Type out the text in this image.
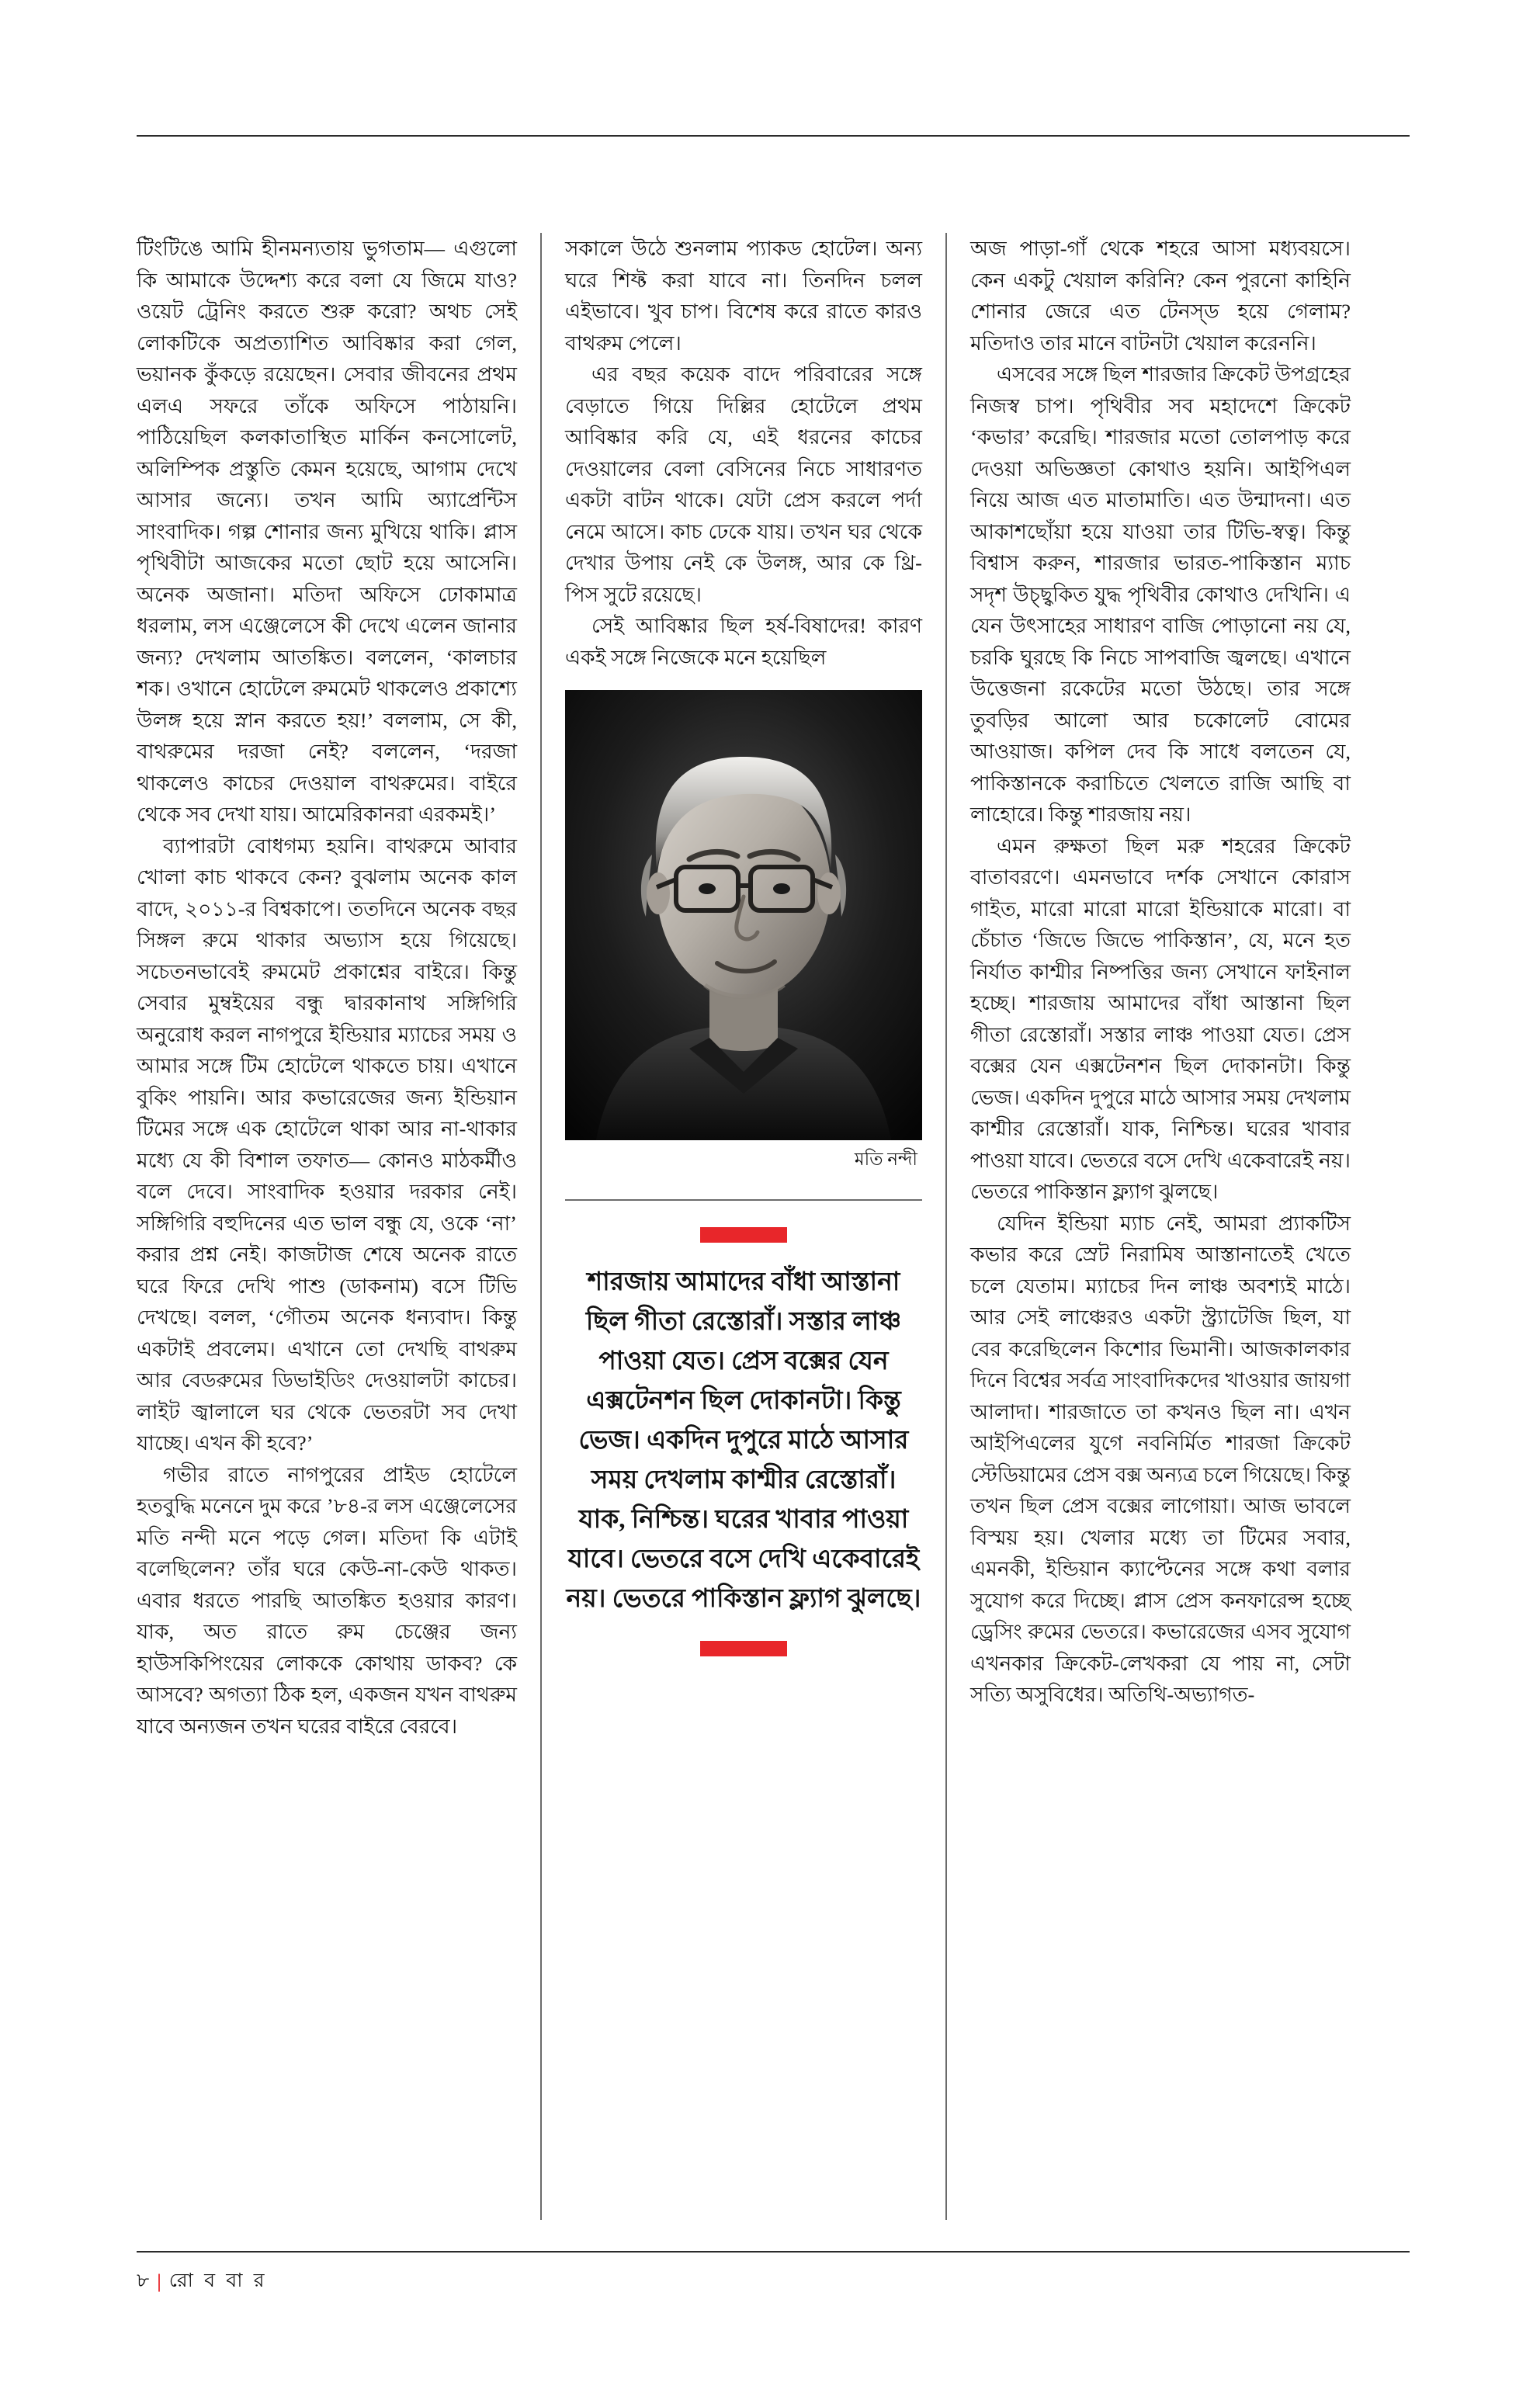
টিংটিঙে আমি হীনমন্যতায় ভুগতাম— এগুলো কি আমাকে উদ্দেশ্য করে বলা যে জিমে যাও? ওয়েট ট্রেনিং করতে শুরু করো? অথচ সেই লোকটিকে অপ্রত্যাশিত আবিষ্কার করা গেল, ভয়ানক কুঁকড়ে রয়েছেন। সেবার জীবনের প্রথম এলএ সফরে তাঁকে অফিসে পাঠায়নি। পাঠিয়েছিল কলকাতাস্থিত মার্কিন কনসোলেট, অলিম্পিক প্রস্তুতি কেমন হয়েছে, আগাম দেখে আসার জন্যে। তখন আমি অ্যাপ্রেন্টিস সাংবাদিক। গল্প শোনার জন্য মুখিয়ে থাকি। প্লাস পৃথিবীটা আজকের মতো ছোট হয়ে আসেনি। অনেক অজানা। মতিদা অফিসে ঢোকামাত্র ধরলাম, লস এঞ্জেলেসে কী দেখে এলেন জানার জন্য? দেখলাম আতঙ্কিত। বললেন, ‘কালচার শক। ওখানে হোটেলে রুমমেট থাকলেও প্রকাশ্যে উলঙ্গ হয়ে স্নান করতে হয়!’ বললাম, সে কী, বাথরুমের দরজা নেই? বললেন, ‘দরজা থাকলেও কাচের দেওয়াল বাথরুমের। বাইরে থেকে সব দেখা যায়। আমেরিকানরা এরকমই।’

ব্যাপারটা বোধগম্য হয়নি। বাথরুমে আবার খোলা কাচ থাকবে কেন? বুঝলাম অনেক কাল বাদে, ২০১১-র বিশ্বকাপে। ততদিনে অনেক বছর সিঙ্গল রুমে থাকার অভ্যাস হয়ে গিয়েছে। সচেতনভাবেই রুমমেট প্রকাশ্নের বাইরে। কিন্তু সেবার মুম্বইয়ের বন্ধু দ্বারকানাথ সঙ্গিগিরি অনুরোধ করল নাগপুরে ইন্ডিয়ার ম্যাচের সময় ও আমার সঙ্গে টিম হোটেলে থাকতে চায়। এখানে বুকিং পায়নি। আর কভারেজের জন্য ইন্ডিয়ান টিমের সঙ্গে এক হোটেলে থাকা আর না-থাকার মধ্যে যে কী বিশাল তফাত— কোনও মাঠকর্মীও বলে দেবে। সাংবাদিক হওয়ার দরকার নেই। সঙ্গিগিরি বহুদিনের এত ভাল বন্ধু যে, ওকে ‘না’ করার প্রশ্ন নেই। কাজটাজ শেষে অনেক রাতে ঘরে ফিরে দেখি পাশু (ডাকনাম) বসে টিভি দেখছে। বলল, ‘গৌতম অনেক ধন্যবাদ। কিন্তু একটাই প্রবলেম। এখানে তো দেখছি বাথরুম আর বেডরুমের ডিভাইডিং দেওয়ালটা কাচের। লাইট জ্বালালে ঘর থেকে ভেতরটা সব দেখা যাচ্ছে। এখন কী হবে?’

গভীর রাতে নাগপুরের প্রাইড হোটেলে হতবুদ্ধি মনেনে দুম করে ’৮৪-র লস এঞ্জেলেসের মতি নন্দী মনে পড়ে গেল। মতিদা কি এটাই বলেছিলেন? তাঁর ঘরে কেউ-না-কেউ থাকত। এবার ধরতে পারছি আতঙ্কিত হওয়ার কারণ। যাক, অত রাতে রুম চেঞ্জের জন্য হাউসকিপিংয়ের লোককে কোথায় ডাকব? কে আসবে? অগত্যা ঠিক হল, একজন যখন বাথরুম যাবে অন্যজন তখন ঘরের বাইরে বেরবে।

সকালে উঠে শুনলাম প্যাকড হোটেল। অন্য ঘরে শিফ্ট করা যাবে না। তিনদিন চলল এইভাবে। খুব চাপ। বিশেষ করে রাতে কারও বাথরুম পেলে।

এর বছর কয়েক বাদে পরিবারের সঙ্গে বেড়াতে গিয়ে দিল্লির হোটেলে প্রথম আবিষ্কার করি যে, এই ধরনের কাচের দেওয়ালের বেলা বেসিনের নিচে সাধারণত একটা বাটন থাকে। যেটা প্রেস করলে পর্দা নেমে আসে। কাচ ঢেকে যায়। তখন ঘর থেকে দেখার উপায় নেই কে উলঙ্গ, আর কে থ্রি-পিস সুটে রয়েছে।

সেই আবিষ্কার ছিল হর্ষ-বিষাদের! কারণ একই সঙ্গে নিজেকে মনে হয়েছিল

মতি নন্দী
শারজায় আমাদের বাঁধা আস্তানা ছিল গীতা রেস্তোরাঁ। সস্তার লাঞ্চ পাওয়া যেত। প্রেস বক্সের যেন এক্সটেনশন ছিল দোকানটা। কিন্তু ভেজ। একদিন দুপুরে মাঠে আসার সময় দেখলাম কাশ্মীর রেস্তোরাঁ। যাক, নিশ্চিন্ত। ঘরের খাবার পাওয়া যাবে। ভেতরে বসে দেখি একেবারেই নয়। ভেতরে পাকিস্তান ফ্ল্যাগ ঝুলছে।

অজ পাড়া-গাঁ থেকে শহরে আসা মধ্যবয়সে। কেন একটু খেয়াল করিনি? কেন পুরনো কাহিনি শোনার জেরে এত টেনস্ড হয়ে গেলাম? মতিদাও তার মানে বাটনটা খেয়াল করেননি।

এসবের সঙ্গে ছিল শারজার ক্রিকেট উপগ্রহের নিজস্ব চাপ। পৃথিবীর সব মহাদেশে ক্রিকেট ‘কভার’ করেছি। শারজার মতো তোলপাড় করে দেওয়া অভিজ্ঞতা কোথাও হয়নি। আইপিএল নিয়ে আজ এত মাতামাতি। এত উন্মাদনা। এত আকাশছোঁয়া হয়ে যাওয়া তার টিভি-স্বত্ব। কিন্তু বিশ্বাস করুন, শারজার ভারত-পাকিস্তান ম্যাচ সদৃশ উচ্ছ্বকিত যুদ্ধ পৃথিবীর কোথাও দেখিনি। এ যেন উৎসাহের সাধারণ বাজি পোড়ানো নয় যে, চরকি ঘুরছে কি নিচে সাপবাজি জ্বলছে। এখানে উত্তেজনা রকেটের মতো উঠছে। তার সঙ্গে তুবড়ির আলো আর চকোলেট বোমের আওয়াজ। কপিল দেব কি সাধে বলতেন যে, পাকিস্তানকে করাচিতে খেলতে রাজি আছি বা লাহোরে। কিন্তু শারজায় নয়।

এমন রুক্ষতা ছিল মরু শহরের ক্রিকেট বাতাবরণে। এমনভাবে দর্শক সেখানে কোরাস গাইত, মারো মারো মারো ইন্ডিয়াকে মারো। বা চেঁচাত ‘জিভে জিভে পাকিস্তান’, যে, মনে হত নির্যাত কাশ্মীর নিষ্পত্তির জন্য সেখানে ফাইনাল হচ্ছে। শারজায় আমাদের বাঁধা আস্তানা ছিল গীতা রেস্তোরাঁ। সস্তার লাঞ্চ পাওয়া যেত। প্রেস বক্সের যেন এক্সটেনশন ছিল দোকানটা। কিন্তু ভেজ। একদিন দুপুরে মাঠে আসার সময় দেখলাম কাশ্মীর রেস্তোরাঁ। যাক, নিশ্চিন্ত। ঘরের খাবার পাওয়া যাবে। ভেতরে বসে দেখি একেবারেই নয়। ভেতরে পাকিস্তান ফ্ল্যাগ ঝুলছে।

যেদিন ইন্ডিয়া ম্যাচ নেই, আমরা প্র্যাকটিস কভার করে স্রেট নিরামিষ আস্তানাতেই খেতে চলে যেতাম। ম্যাচের দিন লাঞ্চ অবশ্যই মাঠে। আর সেই লাঞ্চেরও একটা স্ট্র্যাটেজি ছিল, যা বের করেছিলেন কিশোর ভিমানী। আজকালকার দিনে বিশ্বের সর্বত্র সাংবাদিকদের খাওয়ার জায়গা আলাদা। শারজাতে তা কখনও ছিল না। এখন আইপিএলের যুগে নবনির্মিত শারজা ক্রিকেট স্টেডিয়ামের প্রেস বক্স অন্যত্র চলে গিয়েছে। কিন্তু তখন ছিল প্রেস বক্সের লাগোয়া। আজ ভাবলে বিস্ময় হয়। খেলার মধ্যে তা টিমের সবার, এমনকী, ইন্ডিয়ান ক্যাপ্টেনের সঙ্গে কথা বলার সুযোগ করে দিচ্ছে। প্লাস প্রেস কনফারেন্স হচ্ছে ড্রেসিং রুমের ভেতরে। কভারেজের এসব সুযোগ এখনকার ক্রিকেট-লেখকরা যে পায় না, সেটা সত্যি অসুবিধের। অতিথি-অভ্যাগত-

৮ | রো ব বা র
